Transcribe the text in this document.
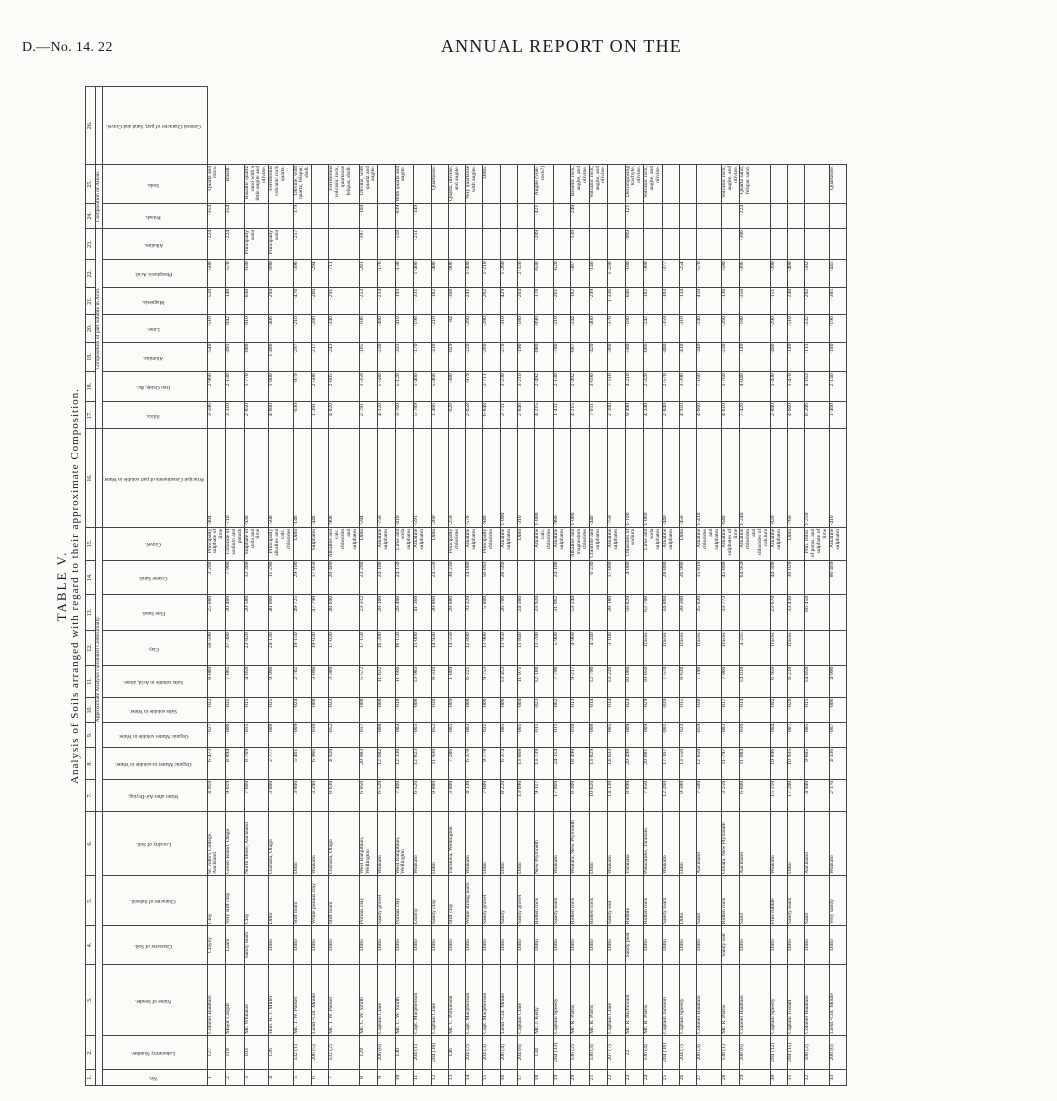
D.—No. 14. 22	ANNUAL REPORT ON THE
TABLE V. Analysis of Soils arranged with regard to their approximate Composition.
1.	2.	3.	4.	5.	6.	7.	8.	9.	10.	11.	12.	13.	14.	15.	16.	17.	18.	19.	20.	21.	22.	23.	24.	25.	26.
						Approximate Analysis calculated Centesimally.										Composition of part soluble in Acid.							Composition of Alkali.		
No.	Laboratory Number.	Name of Sender.	Character of Soil.	Character of Subsoil.	Locality of Soil.	Water after Air-Drying.	Organic Matter in-soluble in Water.	Organic Matter soluble in Water.	Salts soluble in Water.	Salts soluble in Acid, alone.	Clay.	Fine Sand.	Coarse Sand.	Gravel.	Principal Constituents of part soluble in Water.	Silica.	Iron Oxide, &c.	Alumina.	Lime.	Magnesia.	Phosphoric Acid.	Alkalies.	Potash.	Soda.	General Character of part, Sand and Gravel.
1	127	Colonel Haultain	Clayey	Clay	St. John's College, Auckland	4·918	6·473	·027	·032	8·080	50·590	25·080	3·200	Principally sulphate of lime	·404	3·596	2·960	·540	·510	·520	·500	·224	·354	Quartz and mica.	
2	119	Major Cargill	Loam	Very stiff clay	Green Island, Otago	9·019	8·894	·006	·035	7·085	37·380	30·400	7·900	Chloride of sodium and potash	·710	3·310	2·130	·491	·042	·140	·578	·224	·354	Basalt.	
3	103	Mr. Whitaker	Sandy loam	Clay	North Shore, Auckland	7·660	8·769	·015	·015	4·050	23·820	20·580	12·300	Sulphate of soda and lime	·930	2·850	1·770	·080	·010	·030	·030	Principally soda		Basaltic quartz sand with a little augite and olivine.	
4	126	Hon. H. J. Miller	Ditto	Ditto	Oamaru, Otago	3·800	2·777	·008	·035	9·990	24·130	40·000	11·290	Principally alkaline and calc. chlorides	·500	4·600	1·800	1·400	·406	·294	·890	Principally soda		Ferriferous volcanic rock quartz.	
5	132 (1)	Mr. T. W. Parker	Ditto	Stiff loam	Ditto	3·800	5·461	·009	·024	2·702	19·150	49·725	29·100	Ditto	·146	·630	·979	·297	·210	·470	·396	·257	·179	Olivine, with quartz, felspar, shell.	
6	206 (5)	Lieut.-Col. Moule	Ditto	White porous clay	Waikato	3·290	6·966	·010	·008	3·090	19·030	47·790	17·050	Sulphates	·446	1·391	2·508	·217	·280	·260	·294				
7	132 (2)	Mr. T. W. Parker	Ditto	Stiff loam	Oamaru, Otago	8·630	4·920	·052	·033	3·380	17·030	48·690	20·400	Alkaline and calc. chlorides and sulphates	·908	4·820	2·605	·243	·340	·291	·711			Ferriferous volcanic rock, quartzose felspar, shell.	
8	129	Mr. C. W. Smith	Ditto	Porous clay	West Rangitikei, Wellington	6·050	20·983	·017	·008	5·572	17·150	23·312	23·280	Ditto	·594	2·781	1·359	·105	·106	·253	·281	·187	·104	Olivine, with quartz and augite.	
9	206 (6)	Captain Clare	Ditto	Sandy gravel	Waikato	6·520	12·082	·008	·008	11·632	16·200	28·100	24·100	Alkaline sulphates	·750	4·120	5·580	·230	·480	·214	·176				
10	130	Mr. C. W. Smith	Ditto	Porous clay	West Rangitikei, Wellington	7·460	12·330	·003	·010	11·660	16·150	28·400	24·150	Lime and soda sulphates	·810	3·760	5·120	·331	·410	·193	·138	·518	·839	With quartz and augite.	
11	204 (1)	Capt. Macpherson	Ditto	Loamy	Waikato	6·520	12·823	·003	·008	13·983	15·000	41·360		Alkaline sulphates	·591	5·789	5·400	·170	·198	·331	1·400	·251	·149		
12	204 (10)	Captain Clare	Ditto	Sandy clay	Ditto	9·880	11·930	·052	·030	8·310	14·930	30·860	24·550	Ditto	·260	1·466	5·468	·310	·210	·182	·400			Quartzose.	
13	146	Mr. C. Parkinson	Ditto	Stiff clay	Turakina, Wellington	3·800	7·286	·005	·009	1·869	14·550	28·080	30·230	Principally chlorides	·259	·628	·380	·029	·84	·308	·906			Quartz, olivine, and augite.	
14	204 (2)	Capt. Macpherson	Ditto	White strong loam	Waikato	4·130	6·378	·003	·008	6·221	12·890	70·320	14·000	Alkaline sulphates	·570	2·658	·979	·220	·260	·241	1·400			Very quartzose with augite.	
15	204 (3)	Capt. Macpherson	Ditto	Sandy gravel	Ditto	7·600	9·778	·031	·006	9·753	11·900	5·800	56·893	Principally chlorides	·940	·6·848	·2·711	·260	·280	·262	1·210			Ditto.	
16	206 (4)	Lieut.-Col. Moule	Ditto	Sandy	Ditto	8·220	6·374	·005	·006	13·453	11·950	26·700	28·560	Alkaline sulphates	1·090	2·711	3·230	·270	·310	·429	1·260				
17	204 (8)	Captain Clare	Ditto	Sandy gravel	Ditto	13·090	13·868	·001	·004	11·971	11·840	24·380		Ditto	·310	2·846	3·210	·190	·180	·264	2·320				
18	134	Mr. J. Kelly	Ditto	Rotten rock	New Plymouth	9·117	13·739	·011	·023	12·100	11·700	33·920		Alkaline calc. chlorides	1·000	4·215	2·492	·080	·090	·170	·630	·209	·421	Augite (vole. rock?)	
19	204 (13)	Captain Speedy	Ditto	Sandy loam	Waikato	17·860	24·114	·011	·062	7·790	5·900	31·062	24·100	Alkaline sulphates	·980	1·411	2·130	·700	·210	·261	·620				
20	136 (2)	Mr. R. Parris	Ditto	Rotten rock	Waitara, New Plymouth	8·300	18·490	·010	·013	9·217	4·960	53·240		Alkaline and magnesium chlorides	1·000	4·215	2·492	·687	·244	·182	·387	·138	·240	Basaltic rock, augite, and olivine.	
21	138 (3)	Mr. R. Parris	Ditto	Rotten rock	Ditto	10·620	13·829	·008	·014	12·790	4·240		6·230	Chloride and sulphates	·440	7·011	3·690	·420	·400	·299	·140			Volcanic rock, augite, and olivine.	
22	207 (7)	Captain Clare	Ditto	Sandy soil	Waikato	14·130	14·033	·005	·014	13·226	3·100	38·180	17·000	Alkaline sulphates	·759	2·100	7·110	·360	·370	1·336	1·230				
23	22	Mr. R. Richmond	Sandy peat	Rubble	Taranaki	8·890	20·498	·009	·024	10·080		58·820	4·000	Chlorides of sodium	1·100	9·490	4·210	·580	·180	·046	·100	·069	·121	Decomposing trachyte, olivine.	
24	136 (4)	Mr. R. Parris	Ditto	Rotten rock	Pukearuhe, Taranaki	7·850	20·081	·009	·029	10·850	Traces	62·700		Lime and soda sulphates	1·060	4·340	2·320	·686	·242	·182	·380			Volcanic rock, augite, and olivine.	
25	204 (16)	Captain Jackson	Ditto	Sandy loam	Waikato	12·260	17·167	·001	·039	7·570	Traces	34·860	28·800	Alkaline sulphates	·440	2·840	2·570	·400	·359	·163	·377				
26	204 (7)	Captain Speedy	Ditto	Ditto	Ditto	9·380	13·550	·023	·015	8·630	Traces	38·300	26·900	Ditto	·450	4·910	3·390	·410	·310	·134	·254				
27	208 (3)	Colonel Haultain	Ditto	Sand	Auckland	7·580	12·850	·059	·036	7·190	Traces	35·030	15·810	Alkaline chlorides and sulphates	1·410	4·660	7·160	·340	·240	·450	·570				
28	138 (1)	Mr. R. Parris	Sandy soil	Rotten rock	Omata, New Plymouth	3·250	11·797	·003	·017	7·960	Traces	33·773	45·800	Alkaline sulphates of lime	·640	4·610	1·760	·230	·260	·130	·590			Volcanic rock, augite, and olivine.	
29	208 (6)	Colonel Haultain	Ditto	Sand	Auckland	6·600	11·084	·016	·014	14·010	4·235		64·959	Alkaline chlorides and chlorides of calcium	1·240	7·420	4·040	·140	·180	·350	·306	·306	·224	Quartz sand, felspar sand.	
30	204 (12)	Captain Speedy	Ditto	Fine rubble	Waikato	15·210	10·896	·004	·092	6·950	Traces	23·670	44·300	Alkaline sulphates	·820	2·880	1·430	·400	·290	·151	·390				
31	204 (15)	Captain Tisdall	Ditto	Sandy loam	Ditto	17·200	10·935	·007	·026	8·210	Traces	33·410	30·020	Ditto	·760	4·660	1·470	·140	·510	·240	·400				
32	108 (2)	Colonel Haultain	Ditto	Sand	Auckland	4·940	9·605	·005	·015	14·850		66·450		Prin. chlor. of potas. and sulphate of lime	1·250	8·206	4·163	·113	·232	·292	·502				
33	208 (6)	Lieut.-Col. Moule	Ditto	Very sandy	Waikato	2·170	4·336	·007	·006	4·990			86·469	Alkaline sulphates	·410	1·460	2·140	·180	·190	·385	·445			Quartzose.	
